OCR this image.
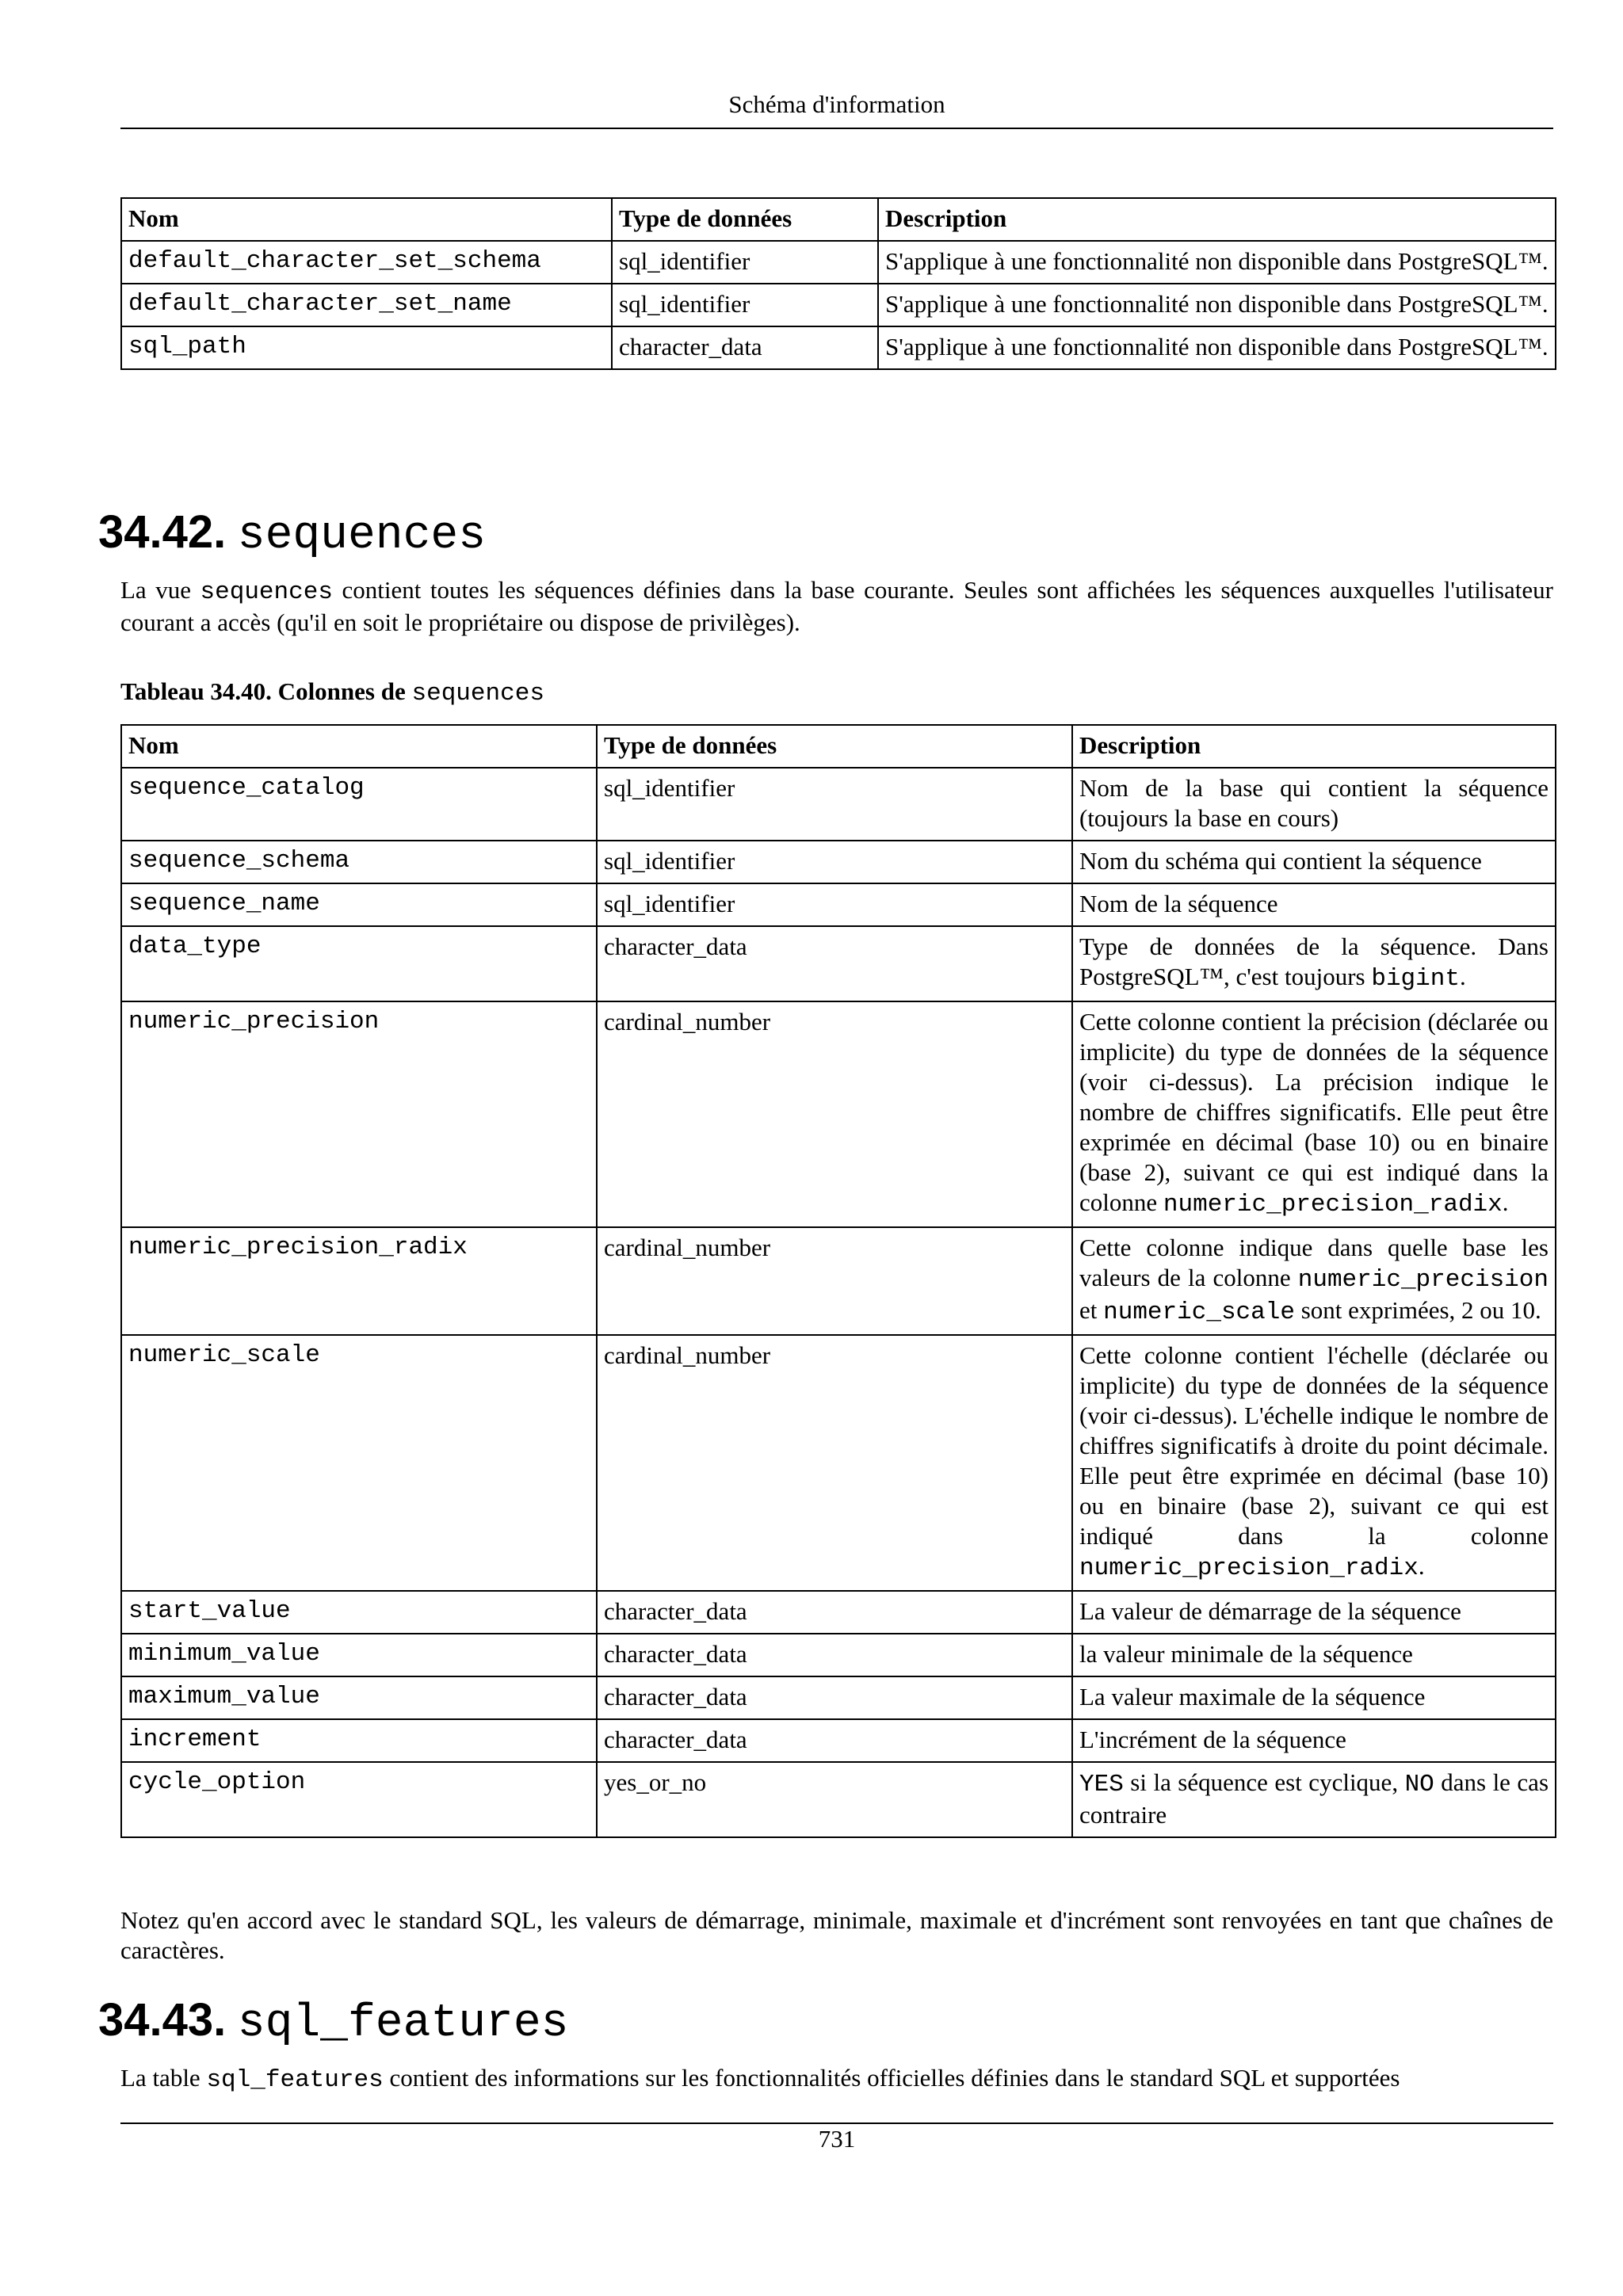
Schéma d'information
Nom	Type de données	Description
default_character_set_schema	sql_identifier	S'applique à une fonctionnalité non disponible dans PostgreSQL™.
default_character_set_name	sql_identifier	S'applique à une fonctionnalité non disponible dans PostgreSQL™.
sql_path	character_data	S'applique à une fonctionnalité non disponible dans PostgreSQL™.
34.42. sequences
La vue sequences contient toutes les séquences définies dans la base courante. Seules sont affichées les séquences auxquelles l'utilisateur courant a accès (qu'il en soit le propriétaire ou dispose de privilèges).
Tableau 34.40. Colonnes de sequences
Nom	Type de données	Description
sequence_catalog	sql_identifier	Nom de la base qui contient la séquence (toujours la base en cours)
sequence_schema	sql_identifier	Nom du schéma qui contient la séquence
sequence_name	sql_identifier	Nom de la séquence
data_type	character_data	Type de données de la séquence. Dans PostgreSQL™, c'est toujours bigint.
numeric_precision	cardinal_number	Cette colonne contient la précision (déclarée ou implicite) du type de données de la séquence (voir ci-dessus). La précision indique le nombre de chiffres significatifs. Elle peut être exprimée en décimal (base 10) ou en binaire (base 2), suivant ce qui est indiqué dans la colonne numeric_precision_radix.
numeric_precision_radix	cardinal_number	Cette colonne indique dans quelle base les valeurs de la colonne numeric_precision et numeric_scale sont exprimées, 2 ou 10.
numeric_scale	cardinal_number	Cette colonne contient l'échelle (déclarée ou implicite) du type de données de la séquence (voir ci-dessus). L'échelle indique le nombre de chiffres significatifs à droite du point décimale. Elle peut être exprimée en décimal (base 10) ou en binaire (base 2), suivant ce qui est indiqué dans la colonne numeric_precision_radix.
start_value	character_data	La valeur de démarrage de la séquence
minimum_value	character_data	la valeur minimale de la séquence
maximum_value	character_data	La valeur maximale de la séquence
increment	character_data	L'incrément de la séquence
cycle_option	yes_or_no	YES si la séquence est cyclique, NO dans le cas contraire
Notez qu'en accord avec le standard SQL, les valeurs de démarrage, minimale, maximale et d'incrément sont renvoyées en tant que chaînes de caractères.
34.43. sql_features
La table sql_features contient des informations sur les fonctionnalités officielles définies dans le standard SQL et supportées
731
